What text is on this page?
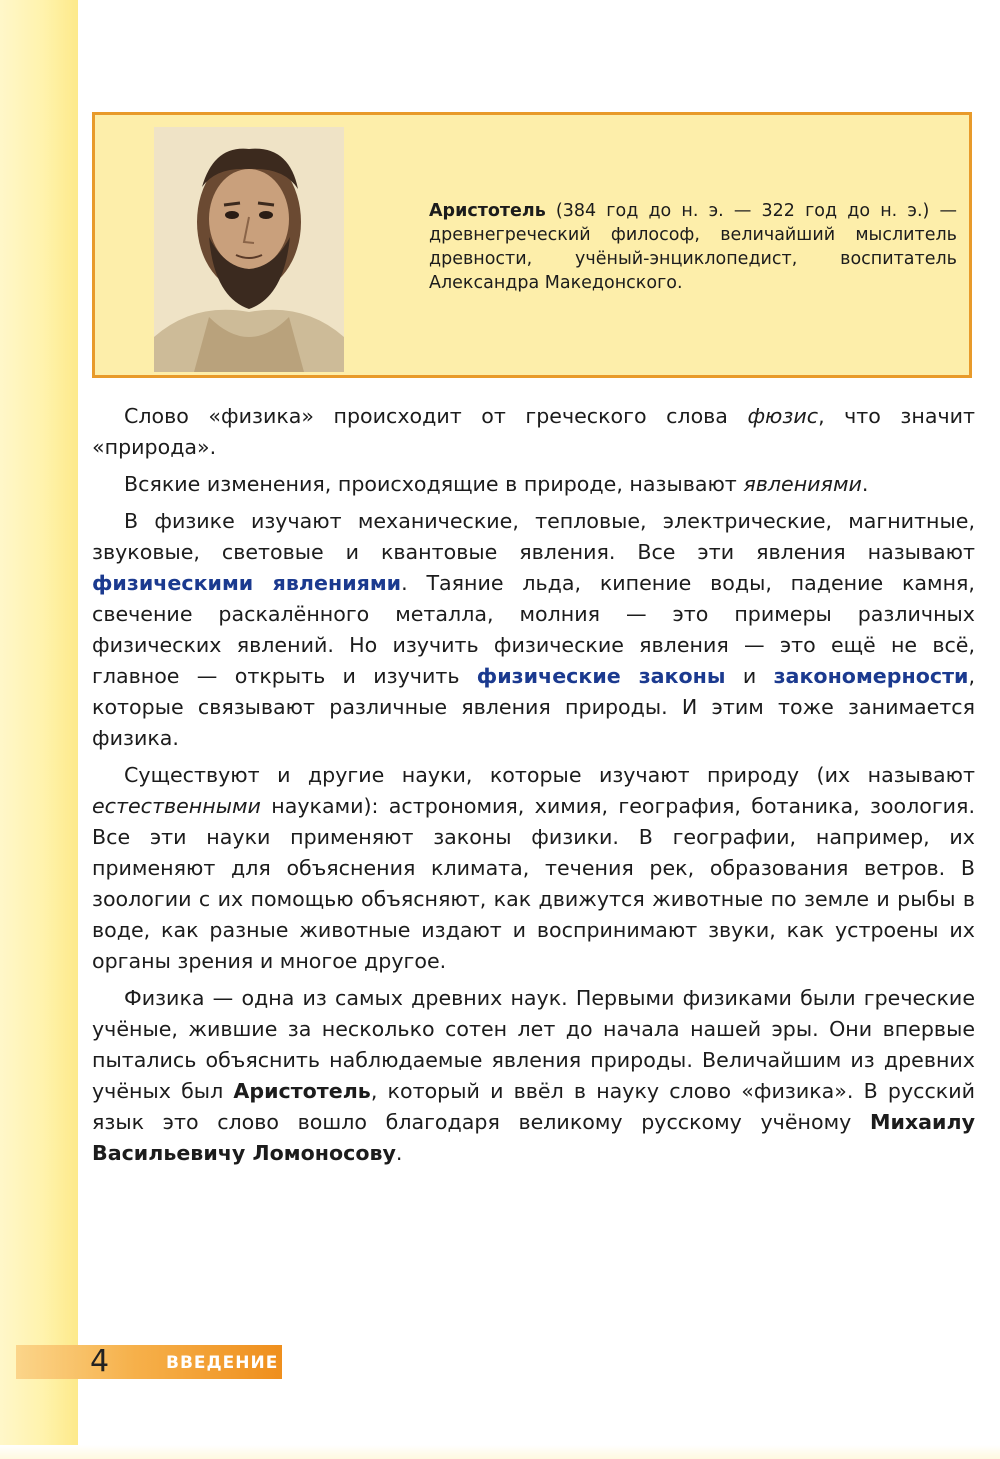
Аристотель (384 год до н. э. — 322 год до н. э.) — древнегреческий философ, величайший мыслитель древности, учёный-энциклопедист, воспитатель Александра Македонского.

Слово «физика» происходит от греческого слова фюзис, что значит «природа».

Всякие изменения, происходящие в природе, называют явлениями.

В физике изучают механические, тепловые, электрические, магнитные, звуковые, световые и квантовые явления. Все эти явления называют физическими явлениями. Таяние льда, кипение воды, падение камня, свечение раскалённого металла, молния — это примеры различных физических явлений. Но изучить физические явления — это ещё не всё, главное — открыть и изучить физические законы и закономерности, которые связывают различные явления природы. И этим тоже занимается физика.

Существуют и другие науки, которые изучают природу (их называют естественными науками): астрономия, химия, география, ботаника, зоология. Все эти науки применяют законы физики. В географии, например, их применяют для объяснения климата, течения рек, образования ветров. В зоологии с их помощью объясняют, как движутся животные по земле и рыбы в воде, как разные животные издают и воспринимают звуки, как устроены их органы зрения и многое другое.

Физика — одна из самых древних наук. Первыми физиками были греческие учёные, жившие за несколько сотен лет до начала нашей эры. Они впервые пытались объяснить наблюдаемые явления природы. Величайшим из древних учёных был Аристотель, который и ввёл в науку слово «физика». В русский язык это слово вошло благодаря великому русскому учёному Михаилу Васильевичу Ломоносову.

4	ВВЕДЕНИЕ
